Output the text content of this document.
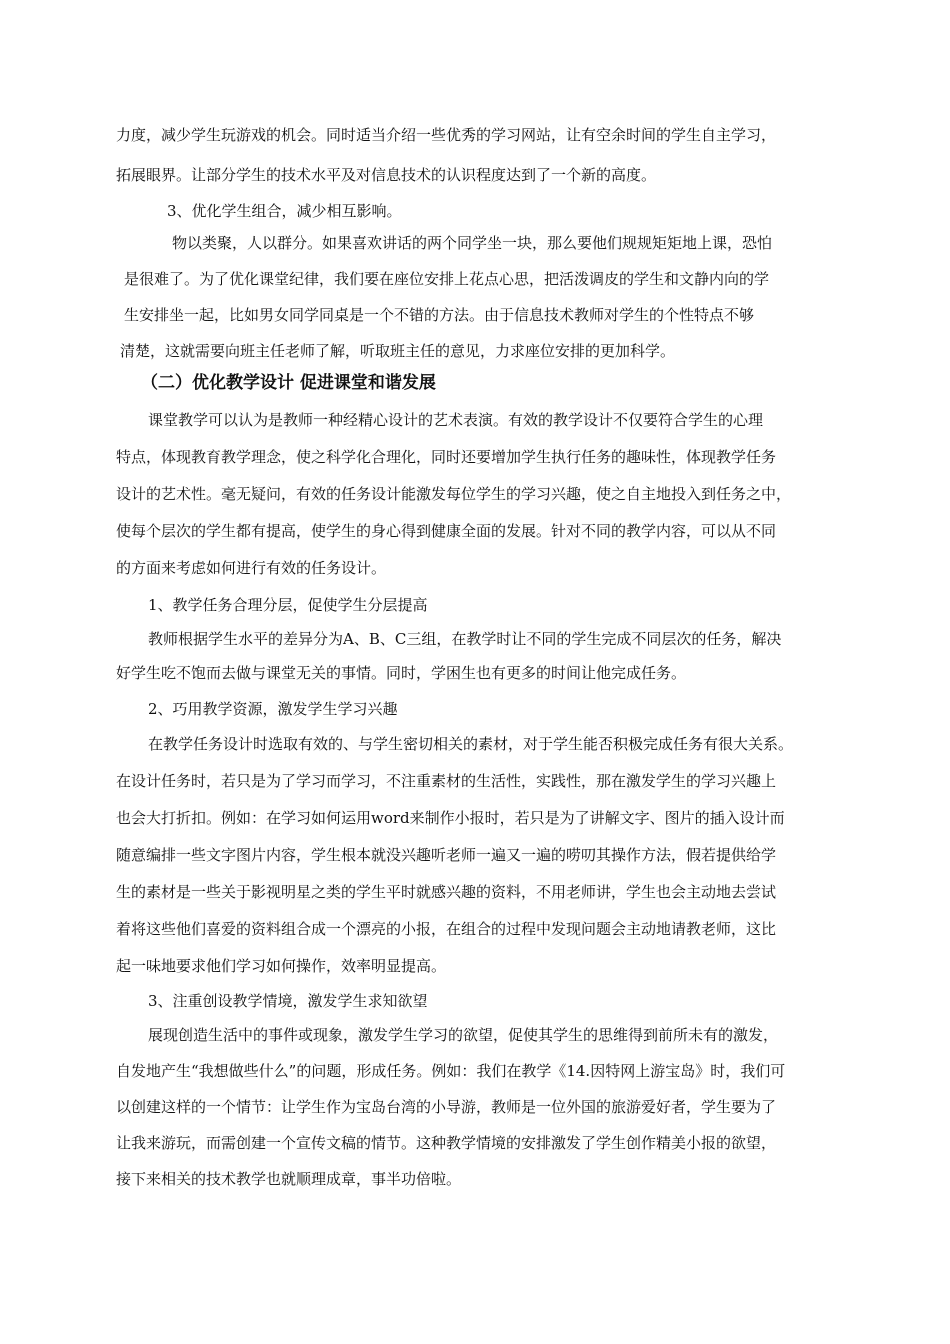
力度，减少学生玩游戏的机会。同时适当介绍一些优秀的学习网站，让有空余时间的学生自主学习，
拓展眼界。让部分学生的技术水平及对信息技术的认识程度达到了一个新的高度。
3、优化学生组合，减少相互影响。
物以类聚，人以群分。如果喜欢讲话的两个同学坐一块，那么要他们规规矩矩地上课，恐怕
是很难了。为了优化课堂纪律，我们要在座位安排上花点心思，把活泼调皮的学生和文静内向的学
生安排坐一起，比如男女同学同桌是一个不错的方法。由于信息技术教师对学生的个性特点不够
清楚，这就需要向班主任老师了解，听取班主任的意见，力求座位安排的更加科学。
（二）优化教学设计 促进课堂和谐发展
课堂教学可以认为是教师一种经精心设计的艺术表演。有效的教学设计不仅要符合学生的心理
特点，体现教育教学理念，使之科学化合理化，同时还要增加学生执行任务的趣味性，体现教学任务
设计的艺术性。毫无疑问，有效的任务设计能激发每位学生的学习兴趣，使之自主地投入到任务之中，
使每个层次的学生都有提高，使学生的身心得到健康全面的发展。针对不同的教学内容，可以从不同
的方面来考虑如何进行有效的任务设计。
1、教学任务合理分层，促使学生分层提高
教师根据学生水平的差异分为A、B、C三组，在教学时让不同的学生完成不同层次的任务，解决
好学生吃不饱而去做与课堂无关的事情。同时，学困生也有更多的时间让他完成任务。
2、巧用教学资源，激发学生学习兴趣
在教学任务设计时选取有效的、与学生密切相关的素材，对于学生能否积极完成任务有很大关系。
在设计任务时，若只是为了学习而学习，不注重素材的生活性，实践性，那在激发学生的学习兴趣上
也会大打折扣。例如：在学习如何运用word来制作小报时，若只是为了讲解文字、图片的插入设计而
随意编排一些文字图片内容，学生根本就没兴趣听老师一遍又一遍的唠叨其操作方法，假若提供给学
生的素材是一些关于影视明星之类的学生平时就感兴趣的资料，不用老师讲，学生也会主动地去尝试
着将这些他们喜爱的资料组合成一个漂亮的小报，在组合的过程中发现问题会主动地请教老师，这比
起一味地要求他们学习如何操作，效率明显提高。
3、注重创设教学情境，激发学生求知欲望
展现创造生活中的事件或现象，激发学生学习的欲望，促使其学生的思维得到前所未有的激发，
自发地产生“我想做些什么”的问题，形成任务。例如：我们在教学《14.因特网上游宝岛》时，我们可
以创建这样的一个情节：让学生作为宝岛台湾的小导游，教师是一位外国的旅游爱好者，学生要为了
让我来游玩，而需创建一个宣传文稿的情节。这种教学情境的安排激发了学生创作精美小报的欲望，
接下来相关的技术教学也就顺理成章，事半功倍啦。
